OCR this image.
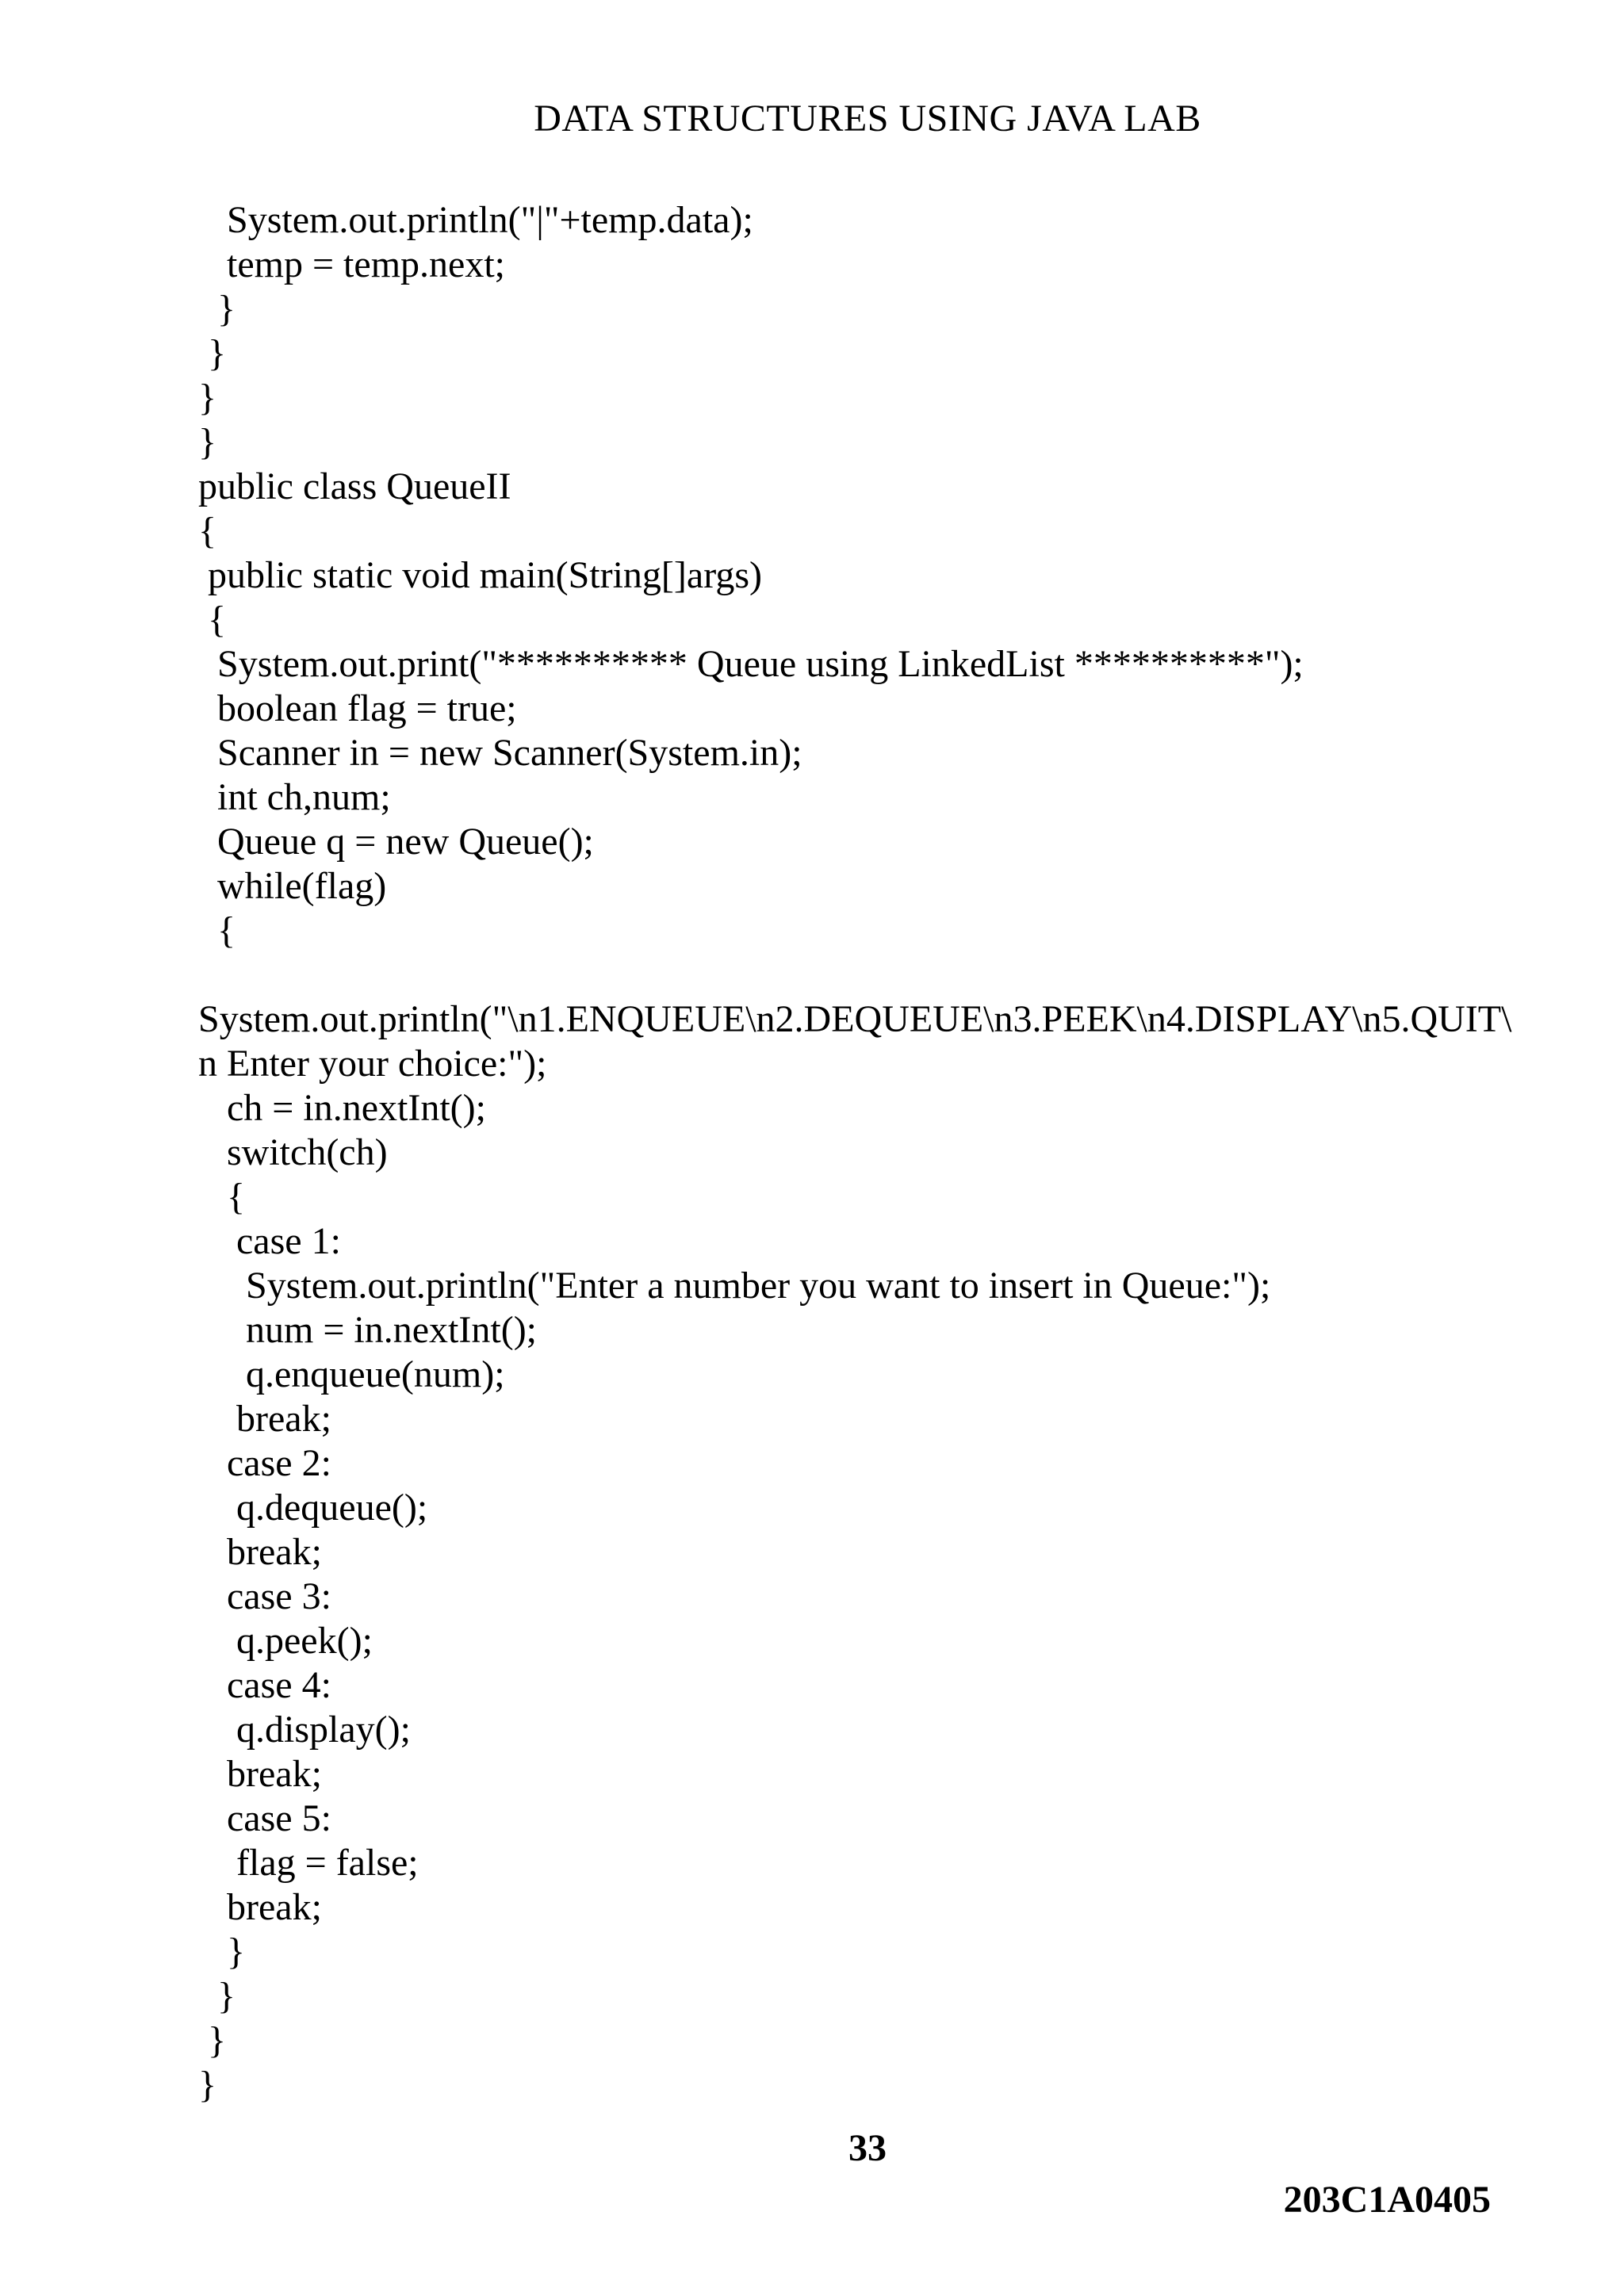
DATA STRUCTURES USING JAVA LAB
System.out.println("|"+temp.data);
temp = temp.next;
}
}
}
}
public class QueueII
{
public static void main(String[]args)
{
System.out.print("********** Queue using LinkedList **********");
boolean flag = true;
Scanner in = new Scanner(System.in);
int ch,num;
Queue q = new Queue();
while(flag)
{
System.out.println("\n1.ENQUEUE\n2.DEQUEUE\n3.PEEK\n4.DISPLAY\n5.QUIT\
n Enter your choice:");
ch = in.nextInt();
switch(ch)
{
case 1:
System.out.println("Enter a number you want to insert in Queue:");
num = in.nextInt();
q.enqueue(num);
break;
case 2:
q.dequeue();
break;
case 3:
q.peek();
case 4:
q.display();
break;
case 5:
flag = false;
break;
}
}
}
}
33
203C1A0405
